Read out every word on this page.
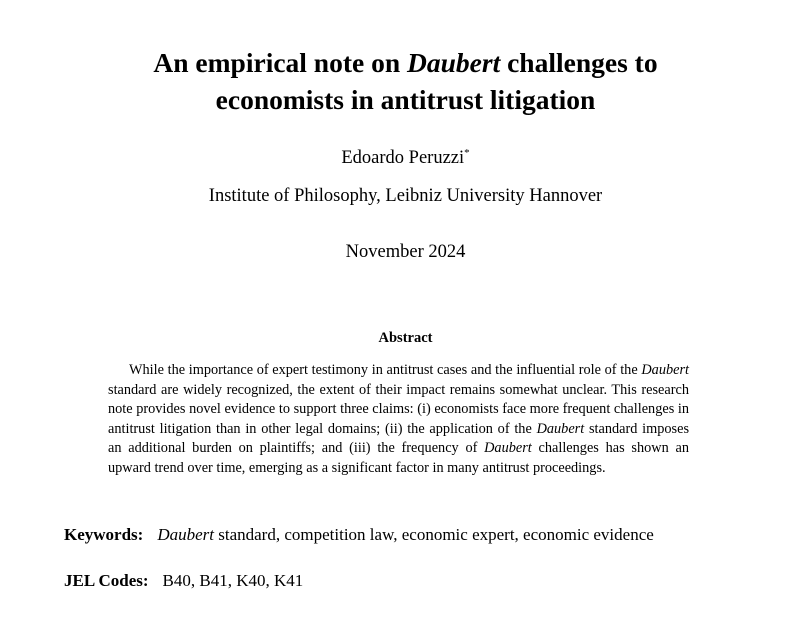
An empirical note on Daubert challenges to
economists in antitrust litigation
Edoardo Peruzzi*
Institute of Philosophy, Leibniz University Hannover
November 2024
Abstract
While the importance of expert testimony in antitrust cases and the influential role of the Daubert standard are widely recognized, the extent of their impact remains somewhat unclear. This research note provides novel evidence to support three claims: (i) economists face more frequent challenges in antitrust litigation than in other legal domains; (ii) the application of the Daubert standard imposes an additional burden on plaintiffs; and (iii) the frequency of Daubert challenges has shown an upward trend over time, emerging as a significant factor in many antitrust proceedings.
Keywords: Daubert standard, competition law, economic expert, economic evidence
JEL Codes: B40, B41, K40, K41
